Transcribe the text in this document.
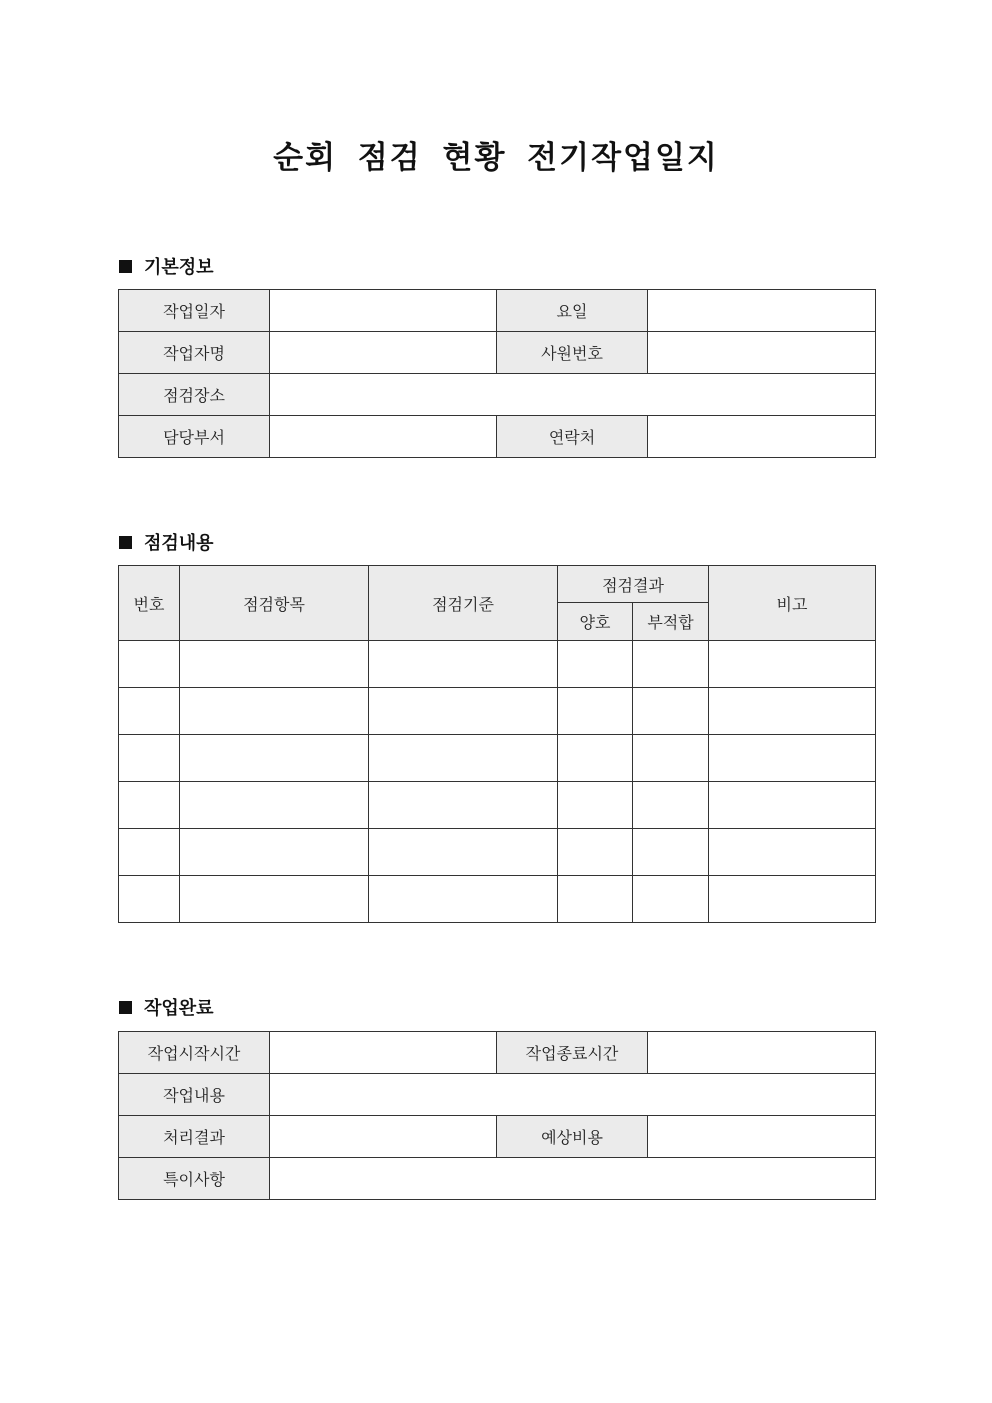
순회 점검 현황 전기작업일지
기본정보
작업일자		요일	
작업자명		사원번호	
점검장소			
담당부서		연락처	
점검내용
번호	점검항목	점검기준	점검결과		비고
			양호	부적합	

작업완료
작업시작시간		작업종료시간	
작업내용			
처리결과		예상비용	
특이사항			
